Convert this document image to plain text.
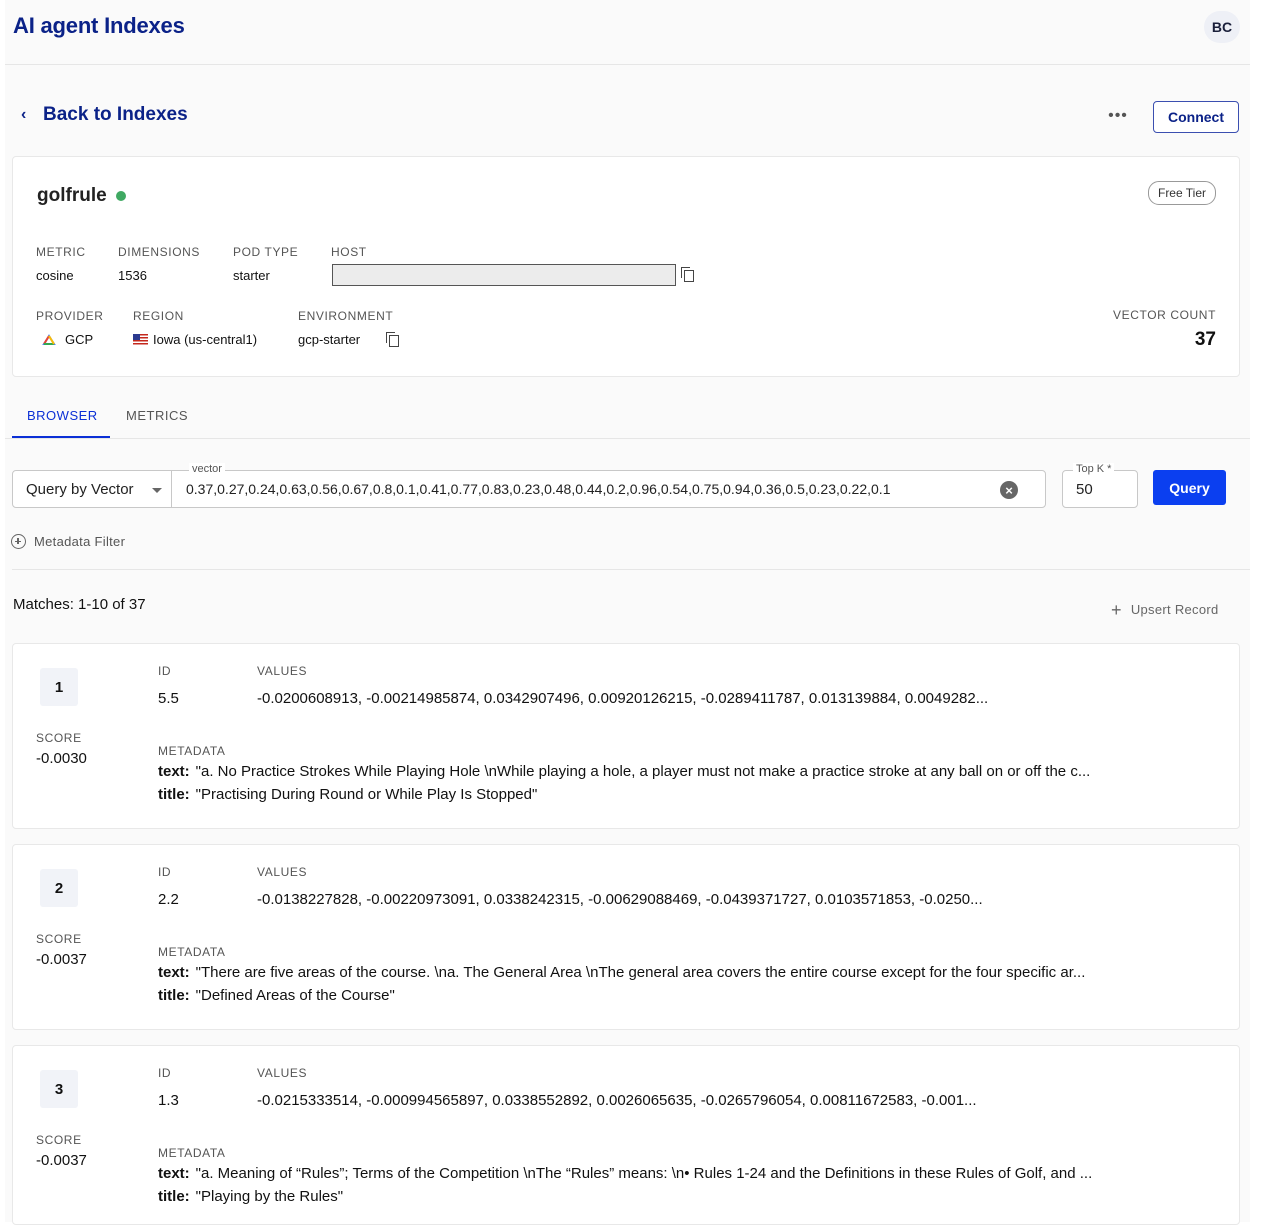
AI agent Indexes	BC
‹ Back to Indexes	•••	Connect
golfrule	Free Tier
METRIC
cosine
DIMENSIONS
1536
POD TYPE
starter
HOST
PROVIDER
GCP
REGION
Iowa (us-central1)
ENVIRONMENT
gcp-starter
VECTOR COUNT
37
BROWSER METRICS
Query by Vector
vector
0.37,0.27,0.24,0.63,0.56,0.67,0.8,0.1,0.41,0.77,0.83,0.23,0.48,0.44,0.2,0.96,0.54,0.75,0.94,0.36,0.5,0.23,0.22,0.1	×
Top K *
50	Query
Metadata Filter
Matches: 1-10 of 37	+ Upsert Record
1
ID
5.5
VALUES
-0.0200608913, -0.00214985874, 0.0342907496, 0.00920126215, -0.0289411787, 0.013139884, 0.0049282...
SCORE
-0.0030	METADATA
text: "a. No Practice Strokes While Playing Hole \nWhile playing a hole, a player must not make a practice stroke at any ball on or off the c...
title: "Practising During Round or While Play Is Stopped"
2
ID
2.2
VALUES
-0.0138227828, -0.00220973091, 0.0338242315, -0.00629088469, -0.0439371727, 0.0103571853, -0.0250...
SCORE
-0.0037	METADATA
text: "There are five areas of the course. \na. The General Area \nThe general area covers the entire course except for the four specific ar...
title: "Defined Areas of the Course"
3
ID
1.3
VALUES
-0.0215333514, -0.000994565897, 0.0338552892, 0.0026065635, -0.0265796054, 0.00811672583, -0.001...
SCORE
-0.0037	METADATA
text: "a. Meaning of “Rules”; Terms of the Competition \nThe “Rules” means: \n• Rules 1-24 and the Definitions in these Rules of Golf, and ...
title: "Playing by the Rules"
